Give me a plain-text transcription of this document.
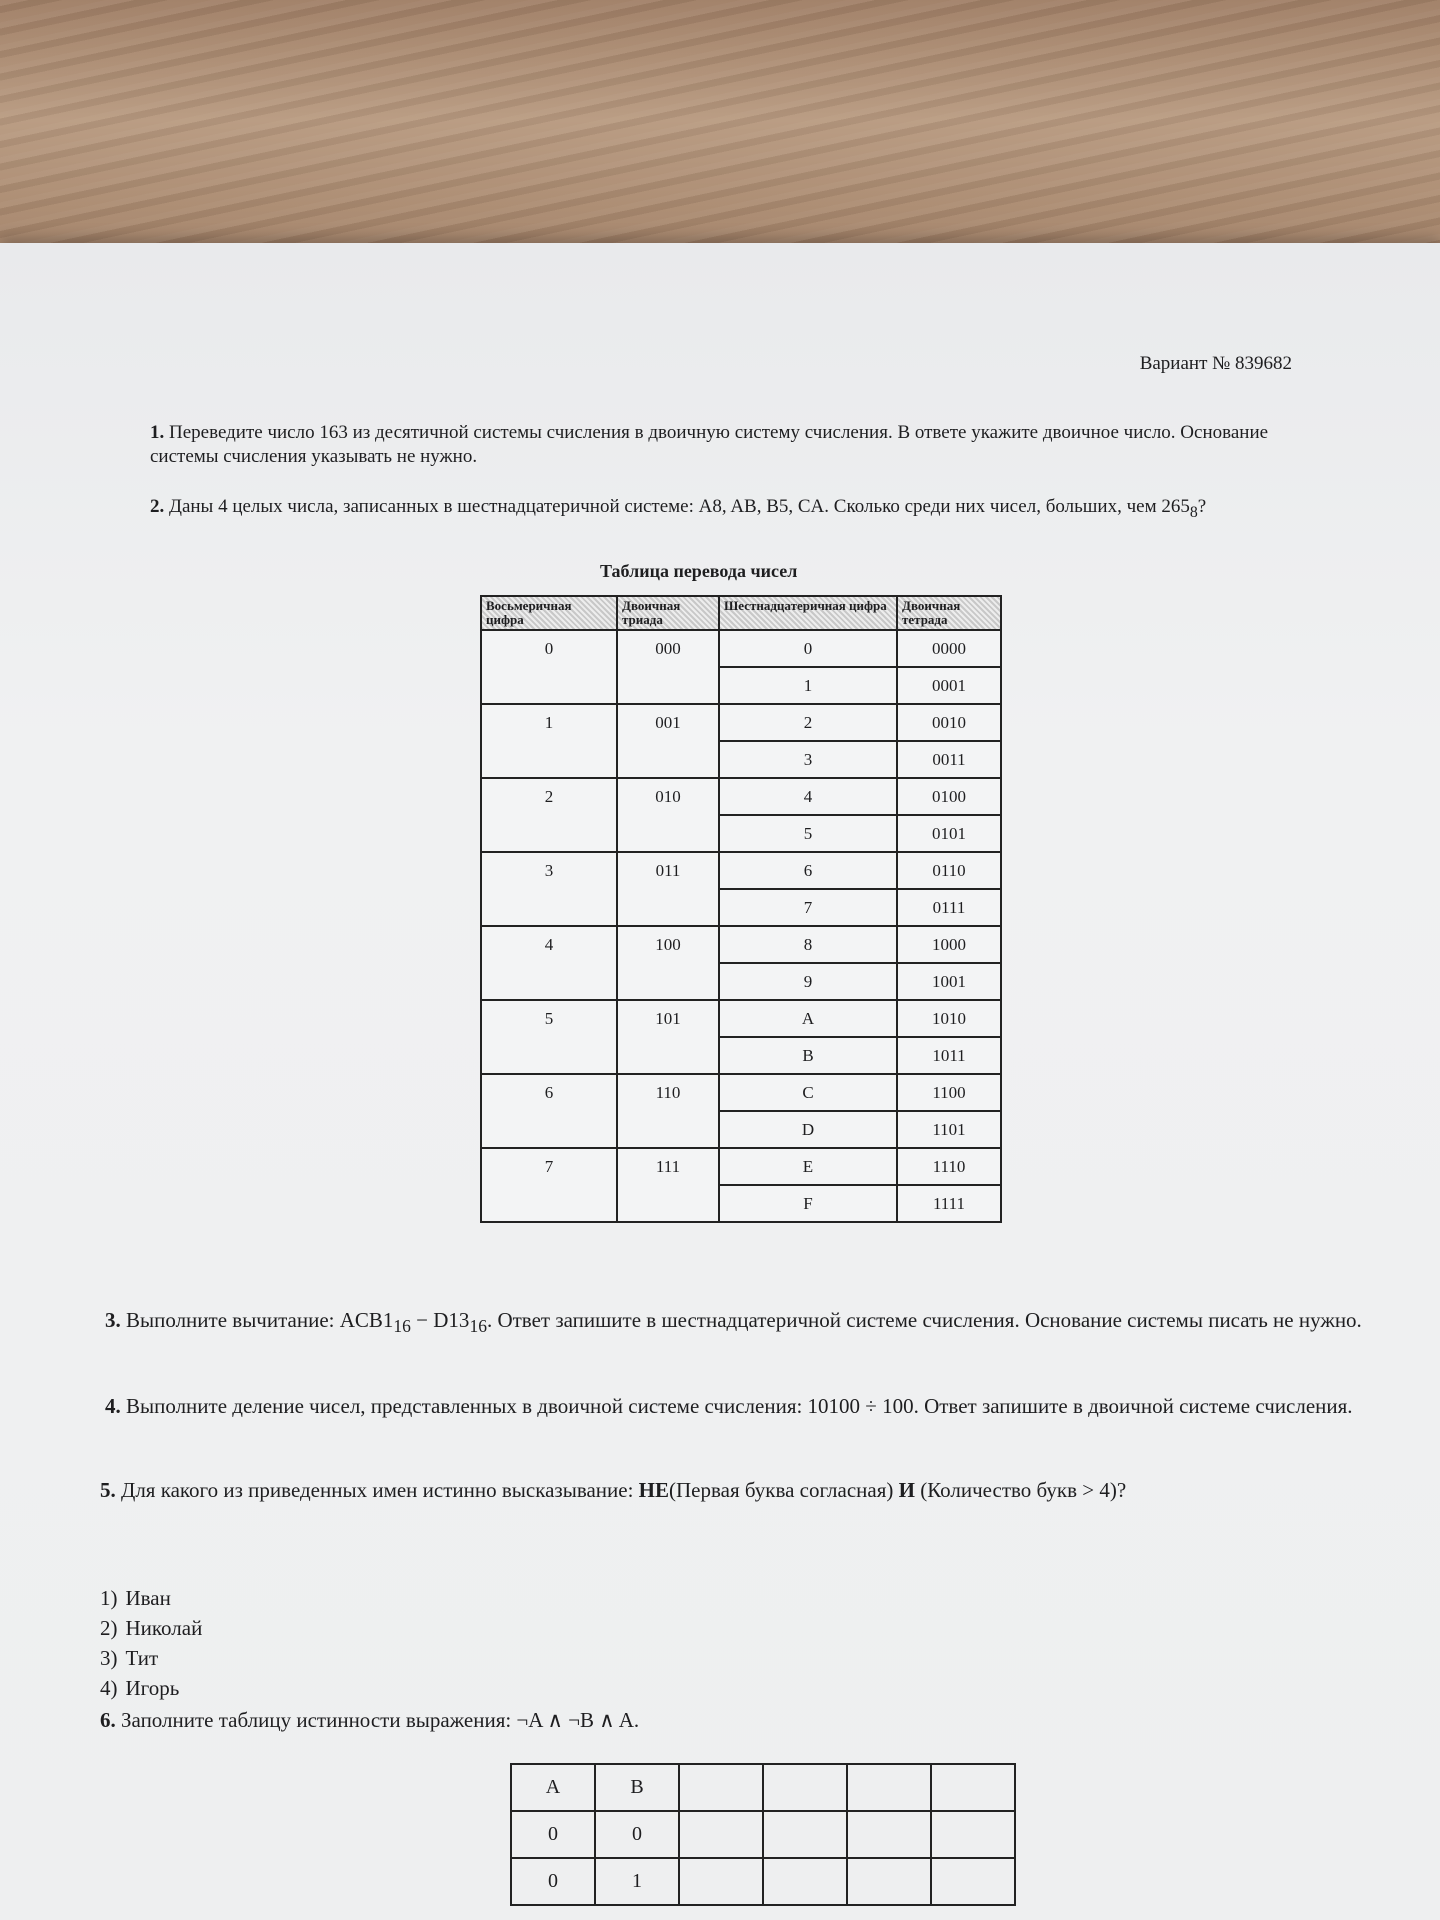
Вариант № 839682
1. Переведите число 163 из десятичной системы счисления в двоичную систему счисления. В ответе укажите двоичное число. Основание системы счисления указывать не нужно.
2. Даны 4 целых числа, записанных в шестнадцатеричной системе: A8, AB, B5, CA. Сколько среди них чисел, больших, чем $265_8$?
Таблица перевода чисел
Восьмеричная цифра	Двоичная триада	Шестнадцатеричная цифра	Двоичная тетрада
0	000	0	0000
		1	0001
1	001	2	0010
		3	0011
2	010	4	0100
		5	0101
3	011	6	0110
		7	0111
4	100	8	1000
		9	1001
5	101	A	1010
		B	1011
6	110	C	1100
		D	1101
7	111	E	1110
		F	1111
3. Выполните вычитание: $ACB1_{16} - D13_{16}$. Ответ запишите в шестнадцатеричной системе счисления. Основание системы писать не нужно.
4. Выполните деление чисел, представленных в двоичной системе счисления: 10100 ÷ 100. Ответ запишите в двоичной системе счисления.
5. Для какого из приведенных имен истинно высказывание: НЕ(Первая буква согласная) И (Количество букв > 4)?
1) Иван
2) Николай
3) Тит
4) Игорь
6. Заполните таблицу истинности выражения: ¬A ∧ ¬B ∧ A.
A	B				
0	0				
0	1				
